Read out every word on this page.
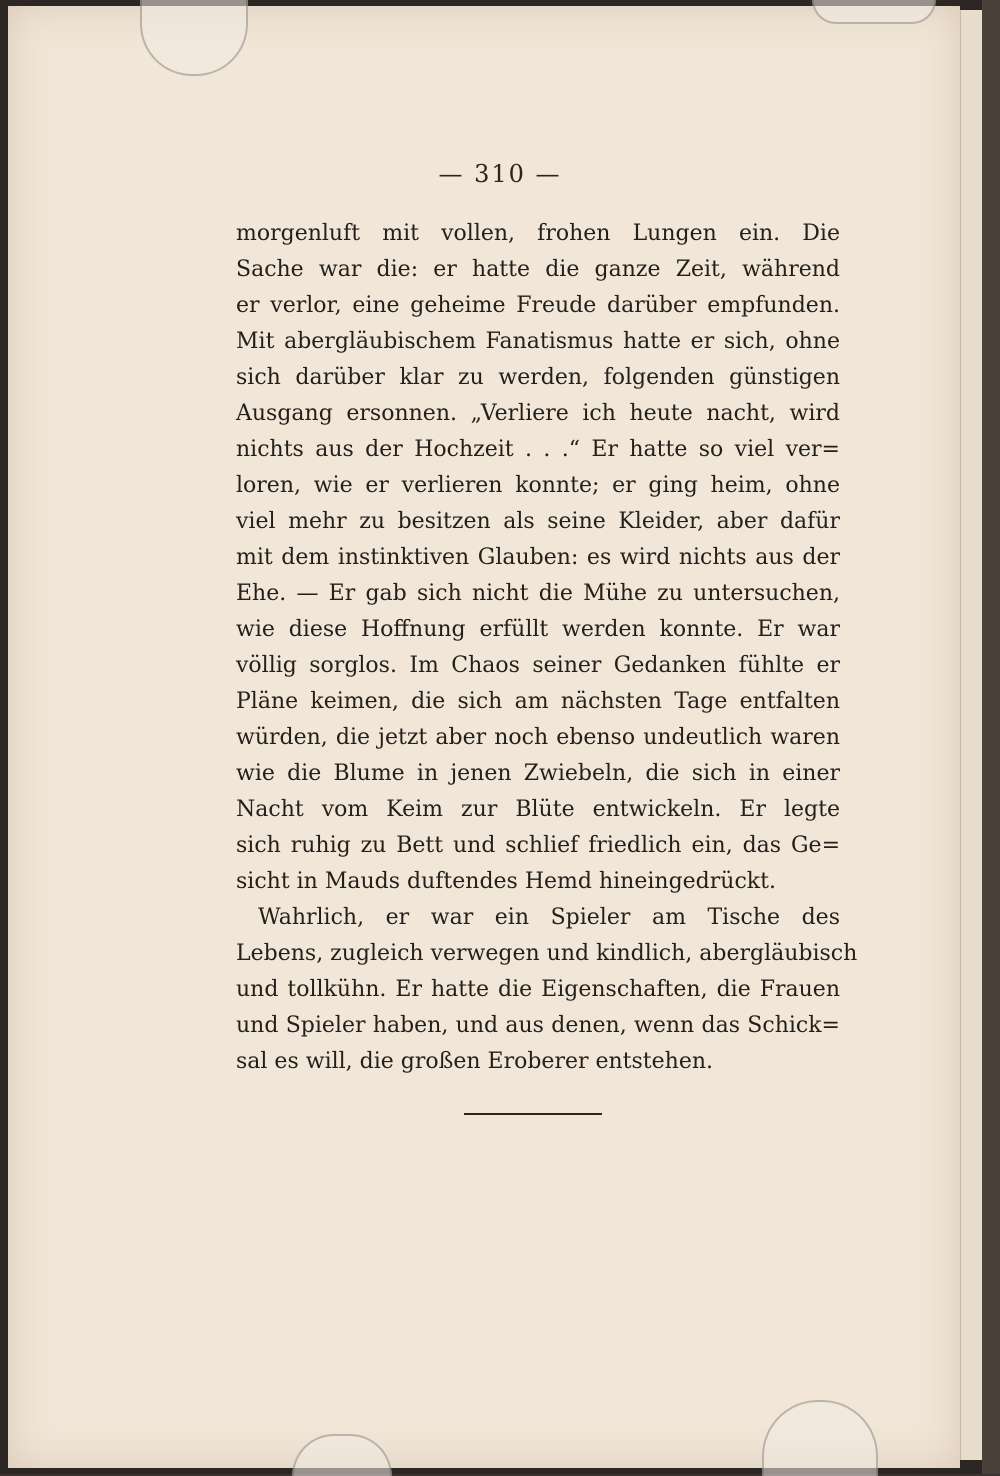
— 310 —
morgenluft mit vollen, frohen Lungen ein. Die
Sache war die: er hatte die ganze Zeit, während
er verlor, eine geheime Freude darüber empfunden.
Mit abergläubischem Fanatismus hatte er sich, ohne
sich darüber klar zu werden, folgenden günstigen
Ausgang ersonnen. „Verliere ich heute nacht, wird
nichts aus der Hochzeit . . .“ Er hatte so viel ver=
loren, wie er verlieren konnte; er ging heim, ohne
viel mehr zu besitzen als seine Kleider, aber dafür
mit dem instinktiven Glauben: es wird nichts aus der
Ehe. — Er gab sich nicht die Mühe zu untersuchen,
wie diese Hoffnung erfüllt werden konnte. Er war
völlig sorglos. Im Chaos seiner Gedanken fühlte er
Pläne keimen, die sich am nächsten Tage entfalten
würden, die jetzt aber noch ebenso undeutlich waren
wie die Blume in jenen Zwiebeln, die sich in einer
Nacht vom Keim zur Blüte entwickeln. Er legte
sich ruhig zu Bett und schlief friedlich ein, das Ge=
sicht in Mauds duftendes Hemd hineingedrückt.
Wahrlich, er war ein Spieler am Tische des
Lebens, zugleich verwegen und kindlich, abergläubisch
und tollkühn. Er hatte die Eigenschaften, die Frauen
und Spieler haben, und aus denen, wenn das Schick=
sal es will, die großen Eroberer entstehen.
